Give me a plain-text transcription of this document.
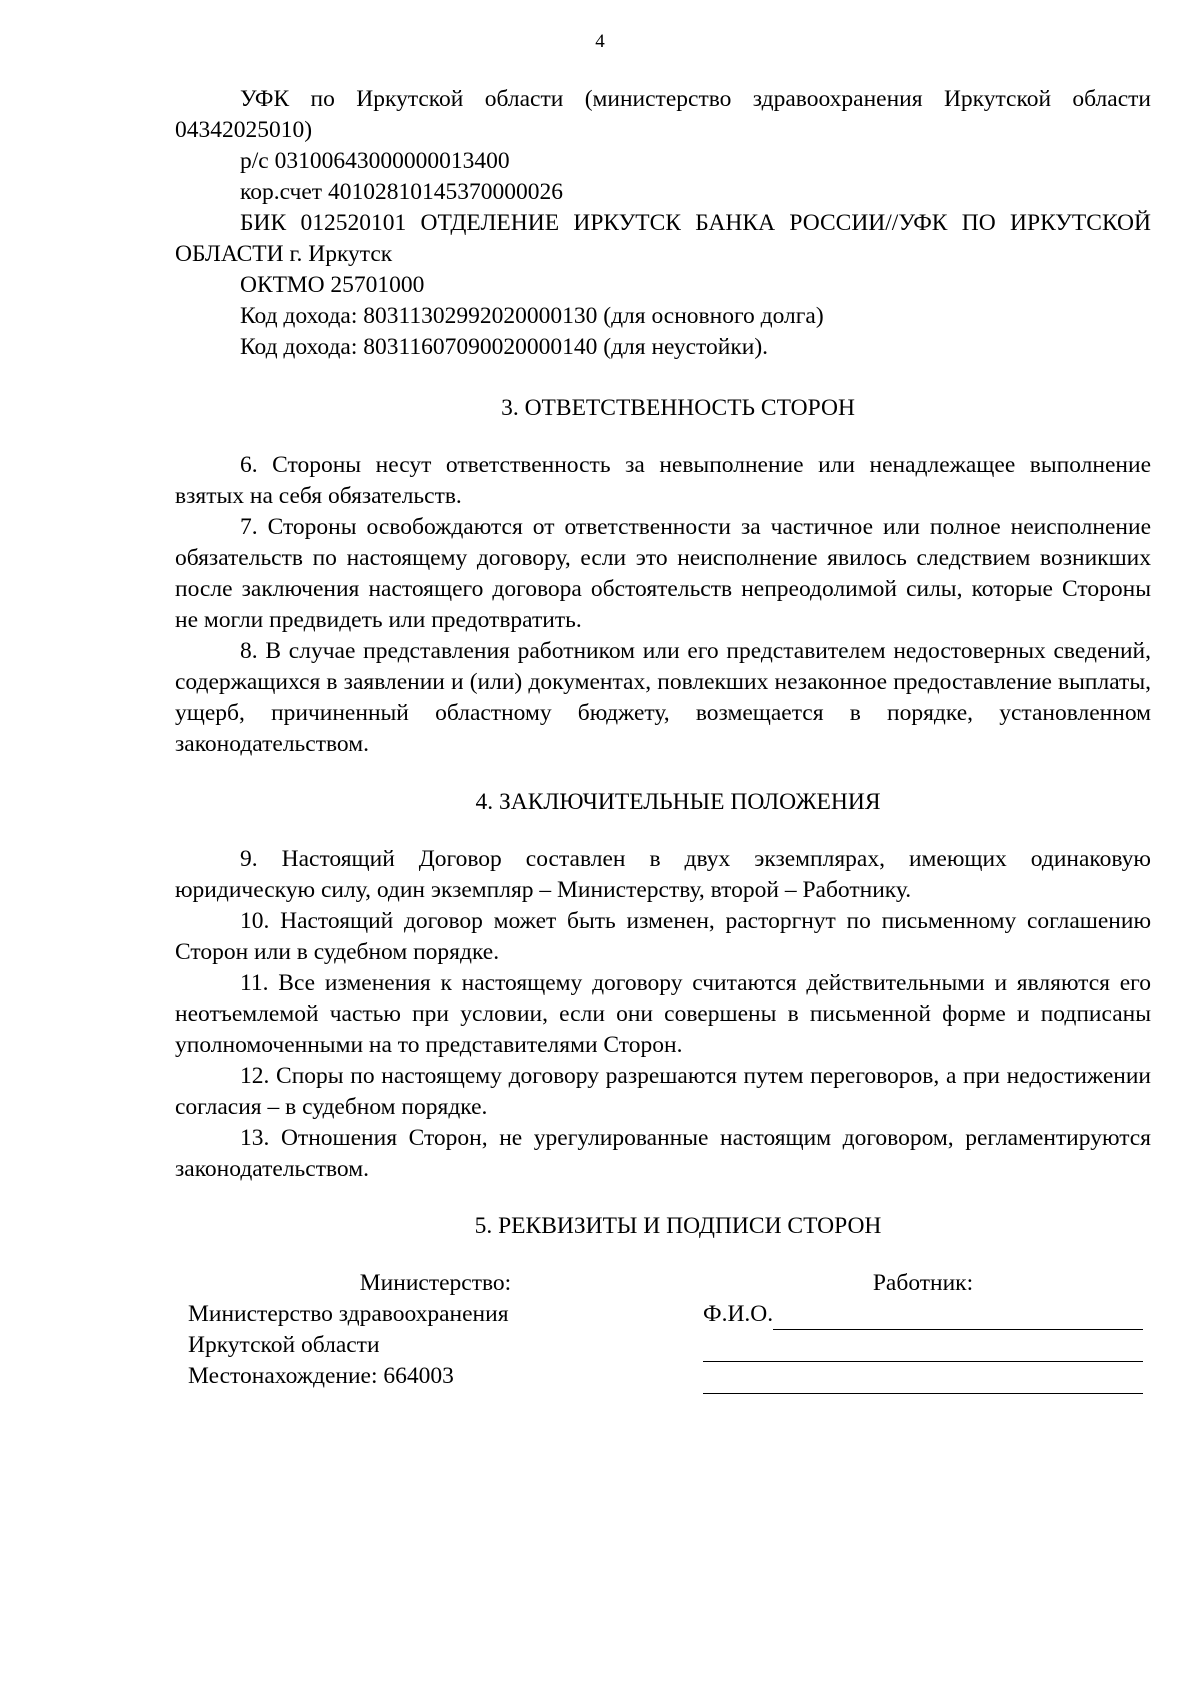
4

УФК по Иркутской области (министерство здравоохранения Иркутской области 04342025010)

р/с 03100643000000013400
кор.счет 40102810145370000026

БИК 012520101 ОТДЕЛЕНИЕ ИРКУТСК БАНКА РОССИИ//УФК ПО ИРКУТСКОЙ ОБЛАСТИ г. Иркутск

ОКТМО 25701000
Код дохода: 80311302992020000130 (для основного долга)
Код дохода: 80311607090020000140 (для неустойки).

3. ОТВЕТСТВЕННОСТЬ СТОРОН

6. Стороны несут ответственность за невыполнение или ненадлежащее выполнение взятых на себя обязательств.

7. Стороны освобождаются от ответственности за частичное или полное неисполнение обязательств по настоящему договору, если это неисполнение явилось следствием возникших после заключения настоящего договора обстоятельств непреодолимой силы, которые Стороны не могли предвидеть или предотвратить.

8. В случае представления работником или его представителем недостоверных сведений, содержащихся в заявлении и (или) документах, повлекших незаконное предоставление выплаты, ущерб, причиненный областному бюджету, возмещается в порядке, установленном законодательством.

4. ЗАКЛЮЧИТЕЛЬНЫЕ ПОЛОЖЕНИЯ

9. Настоящий Договор составлен в двух экземплярах, имеющих одинаковую юридическую силу, один экземпляр – Министерству, второй – Работнику.

10. Настоящий договор может быть изменен, расторгнут по письменному соглашению Сторон или в судебном порядке.

11. Все изменения к настоящему договору считаются действительными и являются его неотъемлемой частью при условии, если они совершены в письменной форме и подписаны уполномоченными на то представителями Сторон.

12. Споры по настоящему договору разрешаются путем переговоров, а при недостижении согласия – в судебном порядке.

13. Отношения Сторон, не урегулированные настоящим договором, регламентируются законодательством.

5. РЕКВИЗИТЫ И ПОДПИСИ СТОРОН

Министерство:
Министерство здравоохранения
Иркутской области
Местонахождение: 664003
Работник:
Ф.И.О.
